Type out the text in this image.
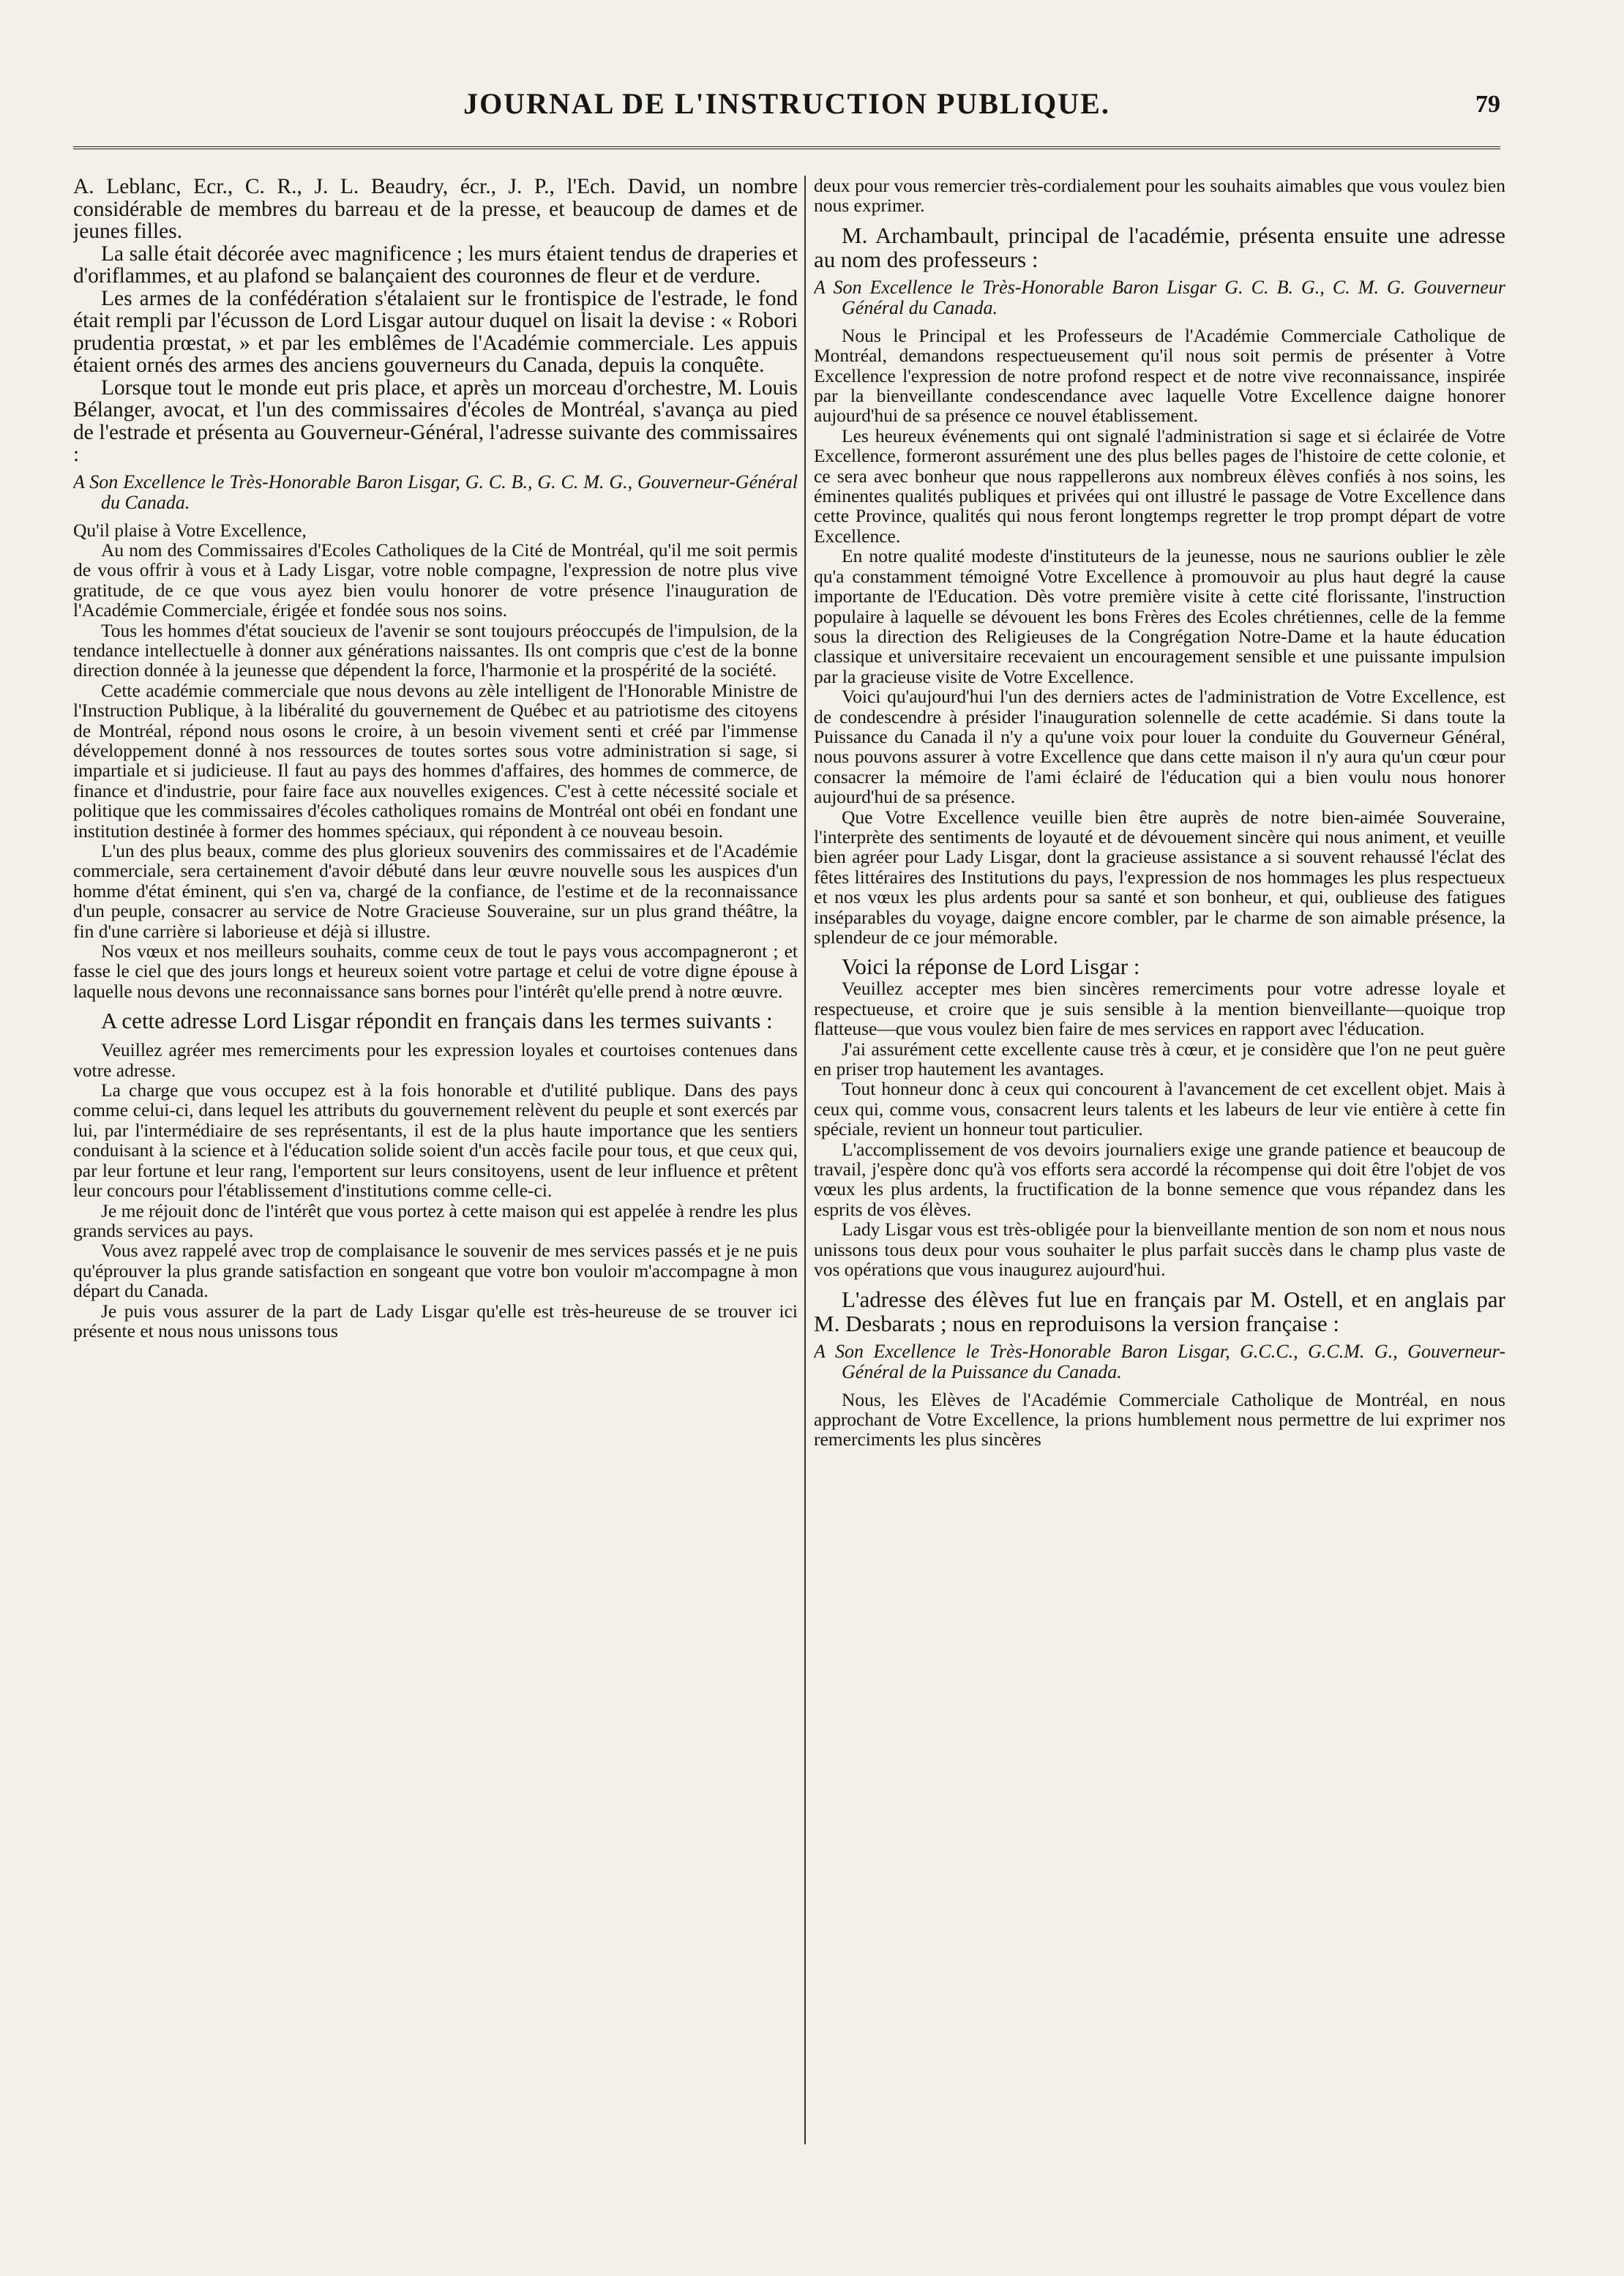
JOURNAL DE L'INSTRUCTION PUBLIQUE.	79

A. Leblanc, Ecr., C. R., J. L. Beaudry, écr., J. P., l'Ech. David, un nombre considérable de membres du barreau et de la presse, et beaucoup de dames et de jeunes filles.

La salle était décorée avec magnificence ; les murs étaient tendus de draperies et d'oriflammes, et au plafond se balançaient des couronnes de fleur et de verdure.

Les armes de la confédération s'étalaient sur le frontispice de l'estrade, le fond était rempli par l'écusson de Lord Lisgar autour duquel on lisait la devise : « Robori prudentia prœstat, » et par les emblêmes de l'Académie commerciale. Les appuis étaient ornés des armes des anciens gouverneurs du Canada, depuis la conquête.

Lorsque tout le monde eut pris place, et après un morceau d'orchestre, M. Louis Bélanger, avocat, et l'un des commissaires d'écoles de Montréal, s'avança au pied de l'estrade et présenta au Gouverneur-Général, l'adresse suivante des commissaires :

A Son Excellence le Très-Honorable Baron Lisgar, G. C. B., G. C. M. G., Gouverneur-Général du Canada.

Qu'il plaise à Votre Excellence,

Au nom des Commissaires d'Ecoles Catholiques de la Cité de Montréal, qu'il me soit permis de vous offrir à vous et à Lady Lisgar, votre noble compagne, l'expression de notre plus vive gratitude, de ce que vous ayez bien voulu honorer de votre présence l'inauguration de l'Académie Commerciale, érigée et fondée sous nos soins.

Tous les hommes d'état soucieux de l'avenir se sont toujours préoccupés de l'impulsion, de la tendance intellectuelle à donner aux générations naissantes. Ils ont compris que c'est de la bonne direction donnée à la jeunesse que dépendent la force, l'harmonie et la prospérité de la société.

Cette académie commerciale que nous devons au zèle intelligent de l'Honorable Ministre de l'Instruction Publique, à la libéralité du gouvernement de Québec et au patriotisme des citoyens de Montréal, répond nous osons le croire, à un besoin vivement senti et créé par l'immense développement donné à nos ressources de toutes sortes sous votre administration si sage, si impartiale et si judicieuse. Il faut au pays des hommes d'affaires, des hommes de commerce, de finance et d'industrie, pour faire face aux nouvelles exigences. C'est à cette nécessité sociale et politique que les commissaires d'écoles catholiques romains de Montréal ont obéi en fondant une institution destinée à former des hommes spéciaux, qui répondent à ce nouveau besoin.

L'un des plus beaux, comme des plus glorieux souvenirs des commissaires et de l'Académie commerciale, sera certainement d'avoir débuté dans leur œuvre nouvelle sous les auspices d'un homme d'état éminent, qui s'en va, chargé de la confiance, de l'estime et de la reconnaissance d'un peuple, consacrer au service de Notre Gracieuse Souveraine, sur un plus grand théâtre, la fin d'une carrière si laborieuse et déjà si illustre.

Nos vœux et nos meilleurs souhaits, comme ceux de tout le pays vous accompagneront ; et fasse le ciel que des jours longs et heureux soient votre partage et celui de votre digne épouse à laquelle nous devons une reconnaissance sans bornes pour l'intérêt qu'elle prend à notre œuvre.

A cette adresse Lord Lisgar répondit en français dans les termes suivants :

Veuillez agréer mes remerciments pour les expression loyales et courtoises contenues dans votre adresse.

La charge que vous occupez est à la fois honorable et d'utilité publique. Dans des pays comme celui-ci, dans lequel les attributs du gouvernement relèvent du peuple et sont exercés par lui, par l'intermédiaire de ses représentants, il est de la plus haute importance que les sentiers conduisant à la science et à l'éducation solide soient d'un accès facile pour tous, et que ceux qui, par leur fortune et leur rang, l'emportent sur leurs consitoyens, usent de leur influence et prêtent leur concours pour l'établissement d'institutions comme celle-ci.

Je me réjouit donc de l'intérêt que vous portez à cette maison qui est appelée à rendre les plus grands services au pays.

Vous avez rappelé avec trop de complaisance le souvenir de mes services passés et je ne puis qu'éprouver la plus grande satisfaction en songeant que votre bon vouloir m'accompagne à mon départ du Canada.

Je puis vous assurer de la part de Lady Lisgar qu'elle est très-heureuse de se trouver ici présente et nous nous unissons tous

deux pour vous remercier très-cordialement pour les souhaits aimables que vous voulez bien nous exprimer.

M. Archambault, principal de l'académie, présenta ensuite une adresse au nom des professeurs :

A Son Excellence le Très-Honorable Baron Lisgar G. C. B. G., C. M. G. Gouverneur Général du Canada.

Nous le Principal et les Professeurs de l'Académie Commerciale Catholique de Montréal, demandons respectueusement qu'il nous soit permis de présenter à Votre Excellence l'expression de notre profond respect et de notre vive reconnaissance, inspirée par la bienveillante condescendance avec laquelle Votre Excellence daigne honorer aujourd'hui de sa présence ce nouvel établissement.

Les heureux événements qui ont signalé l'administration si sage et si éclairée de Votre Excellence, formeront assurément une des plus belles pages de l'histoire de cette colonie, et ce sera avec bonheur que nous rappellerons aux nombreux élèves confiés à nos soins, les éminentes qualités publiques et privées qui ont illustré le passage de Votre Excellence dans cette Province, qualités qui nous feront longtemps regretter le trop prompt départ de votre Excellence.

En notre qualité modeste d'instituteurs de la jeunesse, nous ne saurions oublier le zèle qu'a constamment témoigné Votre Excellence à promouvoir au plus haut degré la cause importante de l'Education. Dès votre première visite à cette cité florissante, l'instruction populaire à laquelle se dévouent les bons Frères des Ecoles chrétiennes, celle de la femme sous la direction des Religieuses de la Congrégation Notre-Dame et la haute éducation classique et universitaire recevaient un encouragement sensible et une puissante impulsion par la gracieuse visite de Votre Excellence.

Voici qu'aujourd'hui l'un des derniers actes de l'administration de Votre Excellence, est de condescendre à présider l'inauguration solennelle de cette académie. Si dans toute la Puissance du Canada il n'y a qu'une voix pour louer la conduite du Gouverneur Général, nous pouvons assurer à votre Excellence que dans cette maison il n'y aura qu'un cœur pour consacrer la mémoire de l'ami éclairé de l'éducation qui a bien voulu nous honorer aujourd'hui de sa présence.

Que Votre Excellence veuille bien être auprès de notre bien-aimée Souveraine, l'interprète des sentiments de loyauté et de dévouement sincère qui nous animent, et veuille bien agréer pour Lady Lisgar, dont la gracieuse assistance a si souvent rehaussé l'éclat des fêtes littéraires des Institutions du pays, l'expression de nos hommages les plus respectueux et nos vœux les plus ardents pour sa santé et son bonheur, et qui, oublieuse des fatigues inséparables du voyage, daigne encore combler, par le charme de son aimable présence, la splendeur de ce jour mémorable.

Voici la réponse de Lord Lisgar :

Veuillez accepter mes bien sincères remerciments pour votre adresse loyale et respectueuse, et croire que je suis sensible à la mention bienveillante—quoique trop flatteuse—que vous voulez bien faire de mes services en rapport avec l'éducation.

J'ai assurément cette excellente cause très à cœur, et je considère que l'on ne peut guère en priser trop hautement les avantages.

Tout honneur donc à ceux qui concourent à l'avancement de cet excellent objet. Mais à ceux qui, comme vous, consacrent leurs talents et les labeurs de leur vie entière à cette fin spéciale, revient un honneur tout particulier.

L'accomplissement de vos devoirs journaliers exige une grande patience et beaucoup de travail, j'espère donc qu'à vos efforts sera accordé la récompense qui doit être l'objet de vos vœux les plus ardents, la fructification de la bonne semence que vous répandez dans les esprits de vos élèves.

Lady Lisgar vous est très-obligée pour la bienveillante mention de son nom et nous nous unissons tous deux pour vous souhaiter le plus parfait succès dans le champ plus vaste de vos opérations que vous inaugurez aujourd'hui.

L'adresse des élèves fut lue en français par M. Ostell, et en anglais par M. Desbarats ; nous en reproduisons la version française :

A Son Excellence le Très-Honorable Baron Lisgar, G.C.C., G.C.M. G., Gouverneur-Général de la Puissance du Canada.

Nous, les Elèves de l'Académie Commerciale Catholique de Montréal, en nous approchant de Votre Excellence, la prions humblement nous permettre de lui exprimer nos remerciments les plus sincères
